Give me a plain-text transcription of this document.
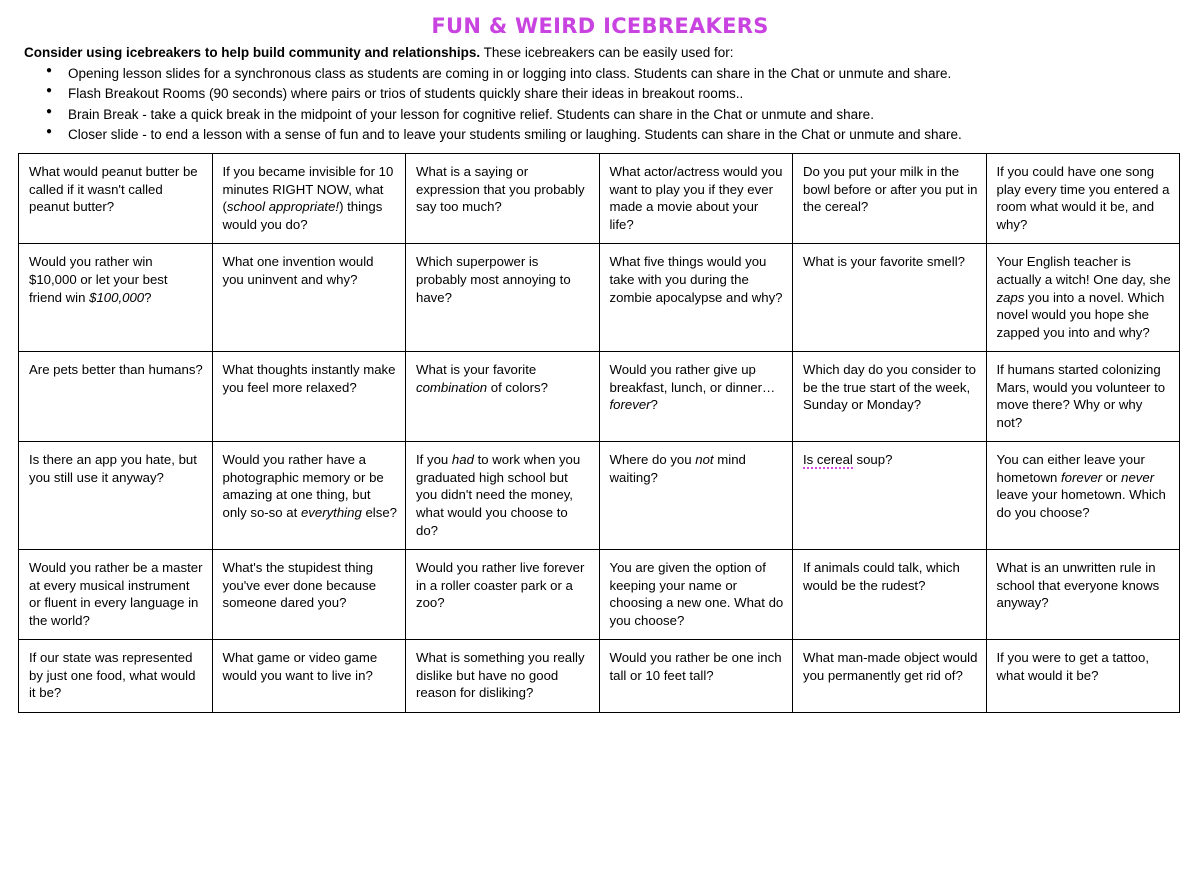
FUN & WEIRD ICEBREAKERS

Consider using icebreakers to help build community and relationships. These icebreakers can be easily used for:

● Opening lesson slides for a synchronous class as students are coming in or logging into class. Students can share in the Chat or unmute and share.
● Flash Breakout Rooms (90 seconds) where pairs or trios of students quickly share their ideas in breakout rooms..
● Brain Break - take a quick break in the midpoint of your lesson for cognitive relief. Students can share in the Chat or unmute and share.
● Closer slide - to end a lesson with a sense of fun and to leave your students smiling or laughing. Students can share in the Chat or unmute and share.
What would peanut butter be called if it wasn't called peanut butter?	If you became invisible for 10 minutes RIGHT NOW, what (school appropriate!) things would you do?	What is a saying or expression that you probably say too much?	What actor/actress would you want to play you if they ever made a movie about your life?	Do you put your milk in the bowl before or after you put in the cereal?	If you could have one song play every time you entered a room what would it be, and why?

Would you rather win $10,000 or let your best friend win $100,000?	What one invention would you uninvent and why?	Which superpower is probably most annoying to have?	What five things would you take with you during the zombie apocalypse and why?	What is your favorite smell?	Your English teacher is actually a witch! One day, she zaps you into a novel. Which novel would you hope she zapped you into and why?

Are pets better than humans?	What thoughts instantly make you feel more relaxed?	What is your favorite combination of colors?	Would you rather give up breakfast, lunch, or dinner…forever?	Which day do you consider to be the true start of the week, Sunday or Monday?	If humans started colonizing Mars, would you volunteer to move there? Why or why not?

Is there an app you hate, but you still use it anyway?	Would you rather have a photographic memory or be amazing at one thing, but only so-so at everything else?	If you had to work when you graduated high school but you didn't need the money, what would you choose to do?	Where do you not mind waiting?	Is cereal soup?	You can either leave your hometown forever or never leave your hometown. Which do you choose?

Would you rather be a master at every musical instrument or fluent in every language in the world?	What's the stupidest thing you've ever done because someone dared you?	Would you rather live forever in a roller coaster park or a zoo?	You are given the option of keeping your name or choosing a new one. What do you choose?	If animals could talk, which would be the rudest?	What is an unwritten rule in school that everyone knows anyway?

If our state was represented by just one food, what would it be?	What game or video game would you want to live in?	What is something you really dislike but have no good reason for disliking?	Would you rather be one inch tall or 10 feet tall?	What man-made object would you permanently get rid of?	If you were to get a tattoo, what would it be?
